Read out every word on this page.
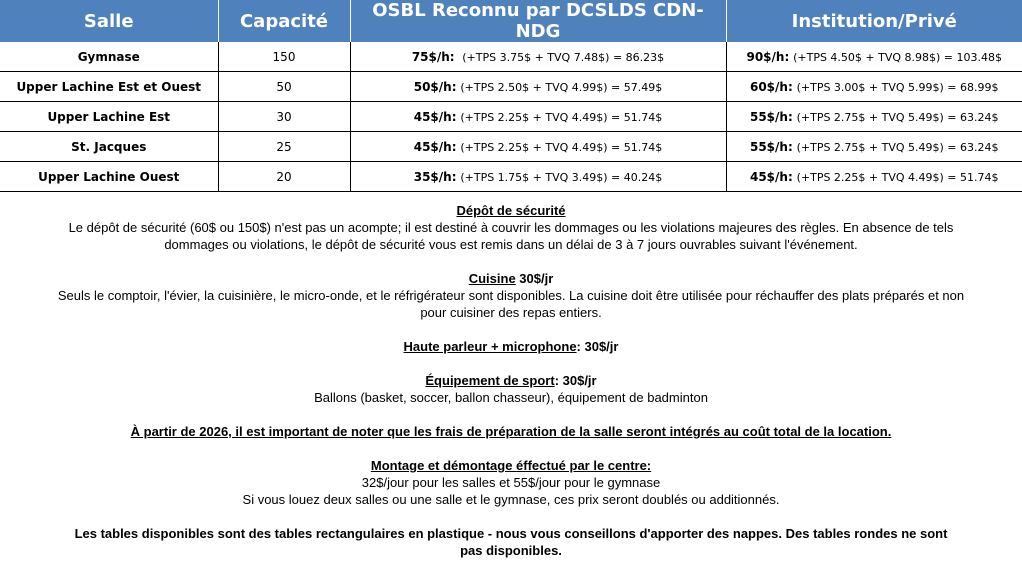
Salle	Capacité	OSBL Reconnu par DCSLDS CDN-NDG	Institution/Privé
Gymnase	150	75$/h: (+TPS 3.75$ + TVQ 7.48$) = 86.23$	90$/h: (+TPS 4.50$ + TVQ 8.98$) = 103.48$
Upper Lachine Est et Ouest	50	50$/h: (+TPS 2.50$ + TVQ 4.99$) = 57.49$	60$/h: (+TPS 3.00$ + TVQ 5.99$) = 68.99$
Upper Lachine Est	30	45$/h: (+TPS 2.25$ + TVQ 4.49$) = 51.74$	55$/h: (+TPS 2.75$ + TVQ 5.49$) = 63.24$
St. Jacques	25	45$/h: (+TPS 2.25$ + TVQ 4.49$) = 51.74$	55$/h: (+TPS 2.75$ + TVQ 5.49$) = 63.24$
Upper Lachine Ouest	20	35$/h: (+TPS 1.75$ + TVQ 3.49$) = 40.24$	45$/h: (+TPS 2.25$ + TVQ 4.49$) = 51.74$

Dépôt de sécurité

Le dépôt de sécurité (60$ ou 150$) n'est pas un acompte; il est destiné à couvrir les dommages ou les violations majeures des règles. En absence de tels

dommages ou violations, le dépôt de sécurité vous est remis dans un délai de 3 à 7 jours ouvrables suivant l'événement.

Cuisine 30$/jr

Seuls le comptoir, l'évier, la cuisinière, le micro-onde, et le réfrigérateur sont disponibles. La cuisine doit être utilisée pour réchauffer des plats préparés et non

pour cuisiner des repas entiers.

Haute parleur + microphone: 30$/jr

Équipement de sport: 30$/jr

Ballons (basket, soccer, ballon chasseur), équipement de badminton

À partir de 2026, il est important de noter que les frais de préparation de la salle seront intégrés au coût total de la location.

Montage et démontage éffectué par le centre:

32$/jour pour les salles et 55$/jour pour le gymnase

Si vous louez deux salles ou une salle et le gymnase, ces prix seront doublés ou additionnés.

Les tables disponibles sont des tables rectangulaires en plastique - nous vous conseillons d'apporter des nappes. Des tables rondes ne sont

pas disponibles.
